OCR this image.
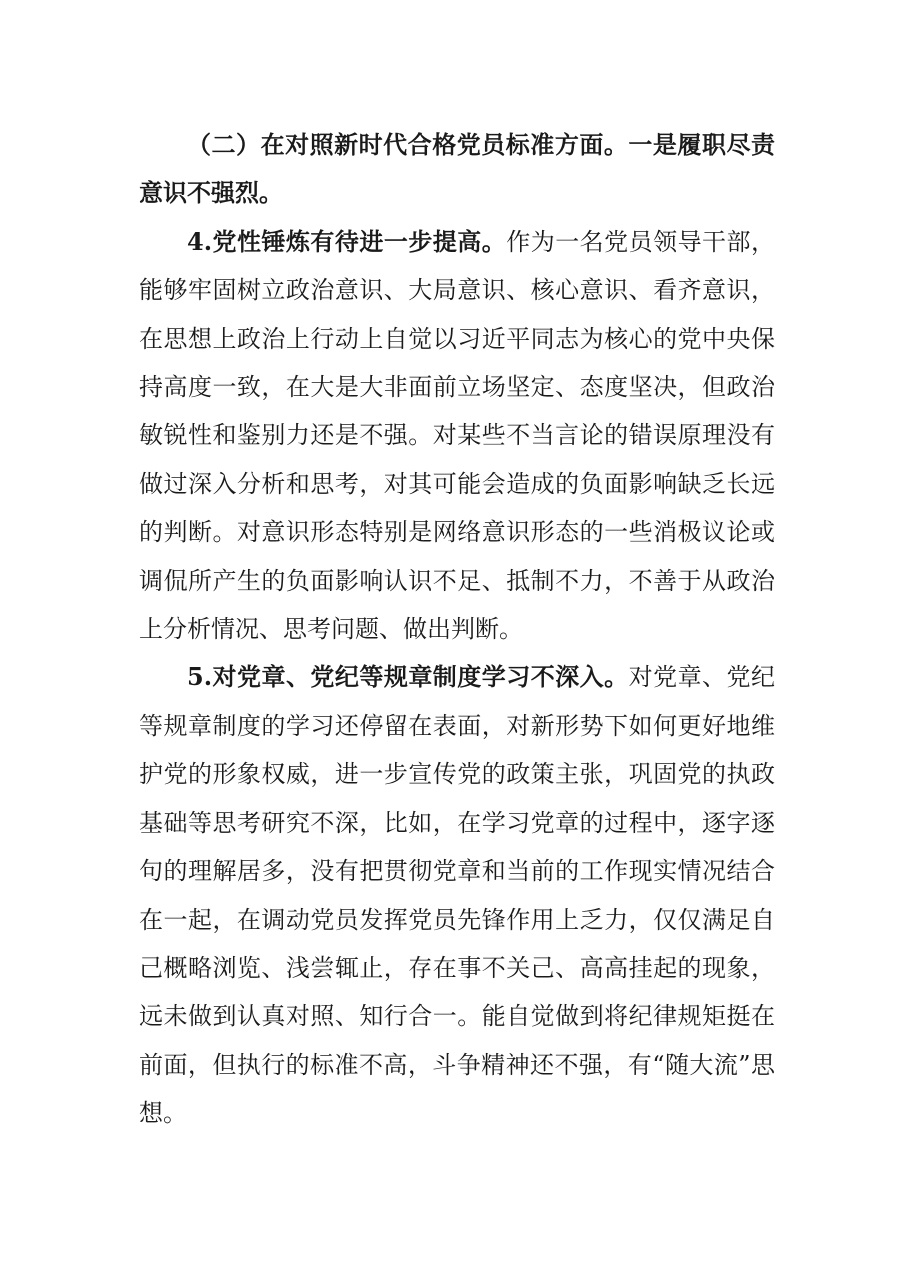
（二）在对照新时代合格党员标准方面。一是履职尽责意识不强烈。

4.党性锤炼有待进一步提高。作为一名党员领导干部，能够牢固树立政治意识、大局意识、核心意识、看齐意识，在思想上政治上行动上自觉以习近平同志为核心的党中央保持高度一致，在大是大非面前立场坚定、态度坚决，但政治敏锐性和鉴别力还是不强。对某些不当言论的错误原理没有做过深入分析和思考，对其可能会造成的负面影响缺乏长远的判断。对意识形态特别是网络意识形态的一些消极议论或调侃所产生的负面影响认识不足、抵制不力，不善于从政治上分析情况、思考问题、做出判断。

5.对党章、党纪等规章制度学习不深入。对党章、党纪等规章制度的学习还停留在表面，对新形势下如何更好地维护党的形象权威，进一步宣传党的政策主张，巩固党的执政基础等思考研究不深，比如，在学习党章的过程中，逐字逐句的理解居多，没有把贯彻党章和当前的工作现实情况结合在一起，在调动党员发挥党员先锋作用上乏力，仅仅满足自己概略浏览、浅尝辄止，存在事不关己、高高挂起的现象，远未做到认真对照、知行合一。能自觉做到将纪律规矩挺在前面，但执行的标准不高，斗争精神还不强，有“随大流”思想。
